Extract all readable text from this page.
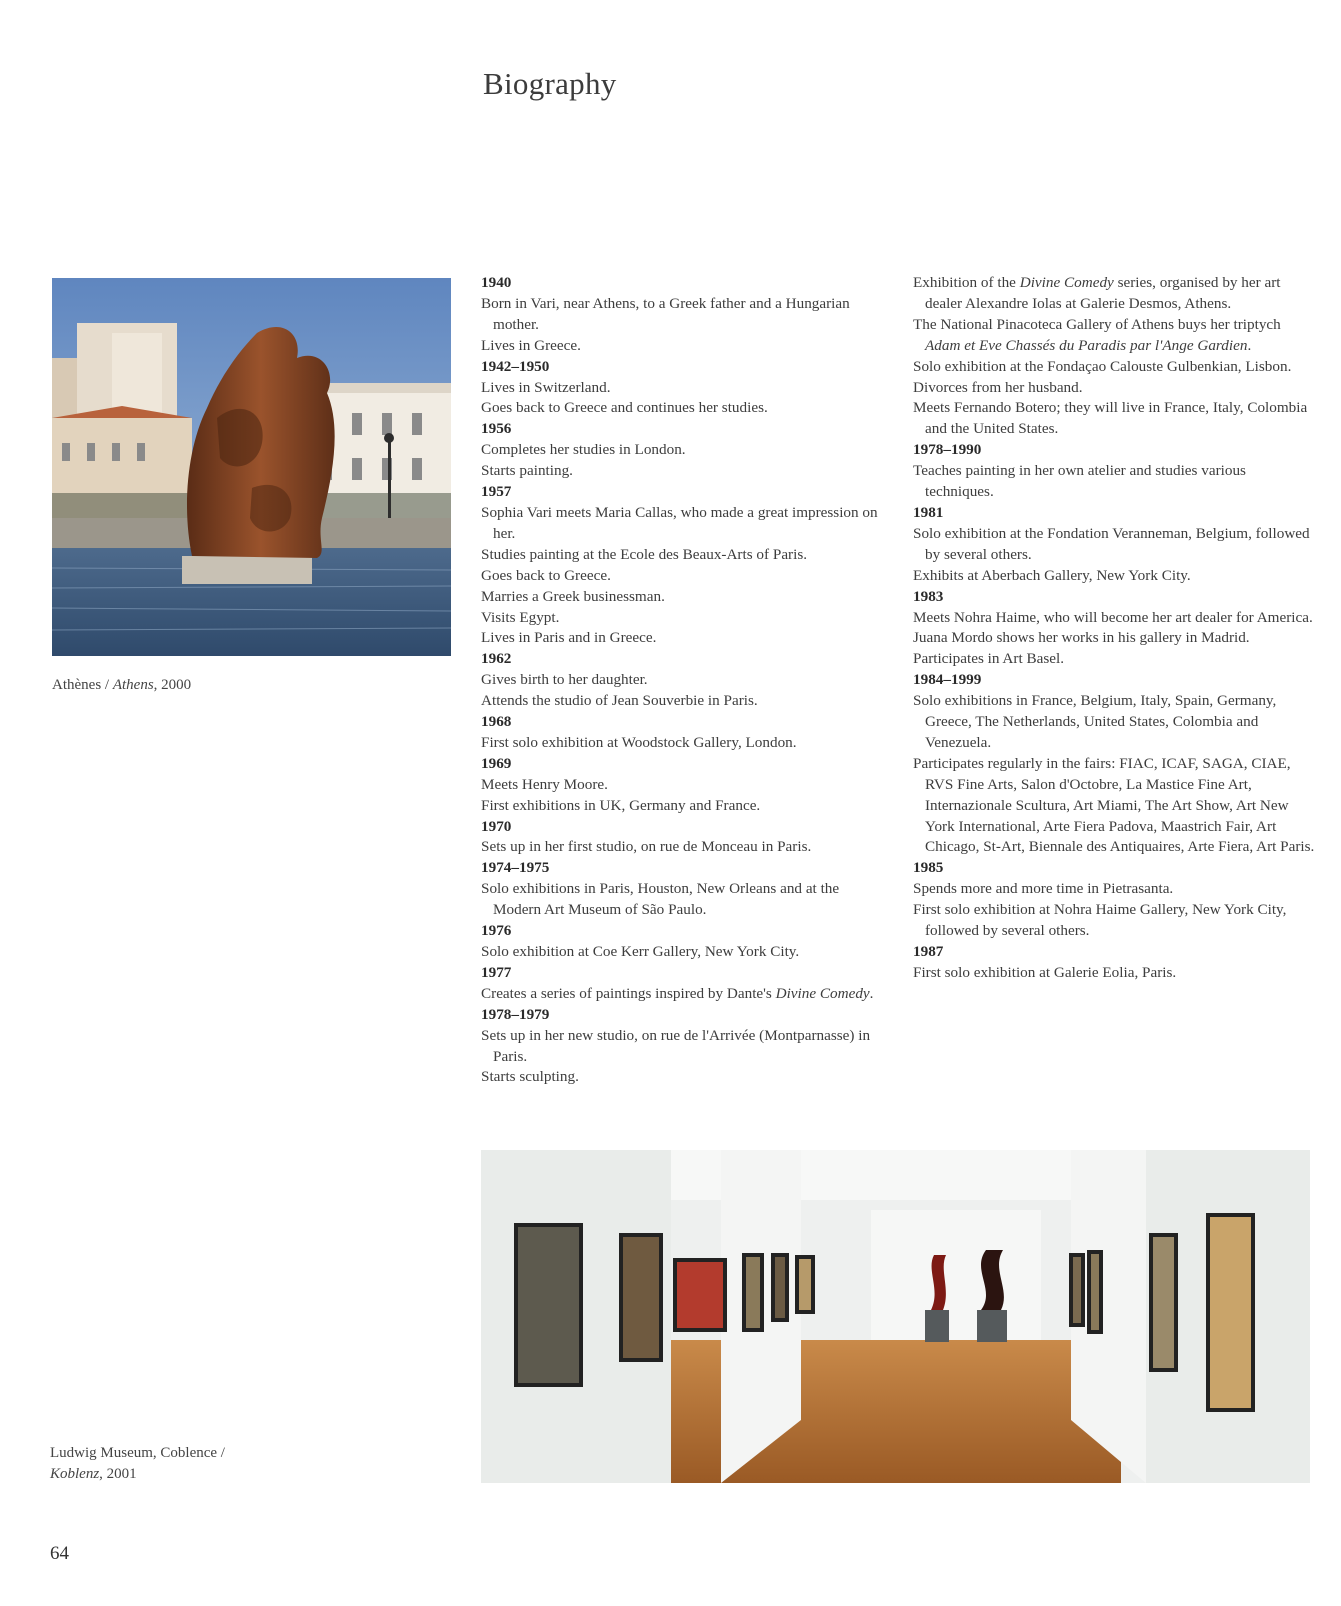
Biography
Athènes / Athens, 2000
1940
Born in Vari, near Athens, to a Greek father and a Hungarian mother.
Lives in Greece.
1942–1950
Lives in Switzerland.
Goes back to Greece and continues her studies.
1956
Completes her studies in London.
Starts painting.
1957
Sophia Vari meets Maria Callas, who made a great impression on her.
Studies painting at the Ecole des Beaux-Arts of Paris.
Goes back to Greece.
Marries a Greek businessman.
Visits Egypt.
Lives in Paris and in Greece.
1962
Gives birth to her daughter.
Attends the studio of Jean Souverbie in Paris.
1968
First solo exhibition at Woodstock Gallery, London.
1969
Meets Henry Moore.
First exhibitions in UK, Germany and France.
1970
Sets up in her first studio, on rue de Monceau in Paris.
1974–1975
Solo exhibitions in Paris, Houston, New Orleans and at the Modern Art Museum of São Paulo.
1976
Solo exhibition at Coe Kerr Gallery, New York City.
1977
Creates a series of paintings inspired by Dante's Divine Comedy.
1978–1979
Sets up in her new studio, on rue de l'Arrivée (Montparnasse) in Paris.
Starts sculpting.
Exhibition of the Divine Comedy series, organised by her art dealer Alexandre Iolas at Galerie Desmos, Athens.
The National Pinacoteca Gallery of Athens buys her triptych Adam et Eve Chassés du Paradis par l'Ange Gardien.
Solo exhibition at the Fondaçao Calouste Gulbenkian, Lisbon.
Divorces from her husband.
Meets Fernando Botero; they will live in France, Italy, Colombia and the United States.
1978–1990
Teaches painting in her own atelier and studies various techniques.
1981
Solo exhibition at the Fondation Veranneman, Belgium, followed by several others.
Exhibits at Aberbach Gallery, New York City.
1983
Meets Nohra Haime, who will become her art dealer for America.
Juana Mordo shows her works in his gallery in Madrid.
Participates in Art Basel.
1984–1999
Solo exhibitions in France, Belgium, Italy, Spain, Germany, Greece, The Netherlands, United States, Colombia and Venezuela.
Participates regularly in the fairs: FIAC, ICAF, SAGA, CIAE, RVS Fine Arts, Salon d'Octobre, La Mastice Fine Art, Internazionale Scultura, Art Miami, The Art Show, Art New York International, Arte Fiera Padova, Maastrich Fair, Art Chicago, St-Art, Biennale des Antiquaires, Arte Fiera, Art Paris.
1985
Spends more and more time in Pietrasanta.
First solo exhibition at Nohra Haime Gallery, New York City, followed by several others.
1987
First solo exhibition at Galerie Eolia, Paris.
Ludwig Museum, Coblence /
Koblenz, 2001
64
